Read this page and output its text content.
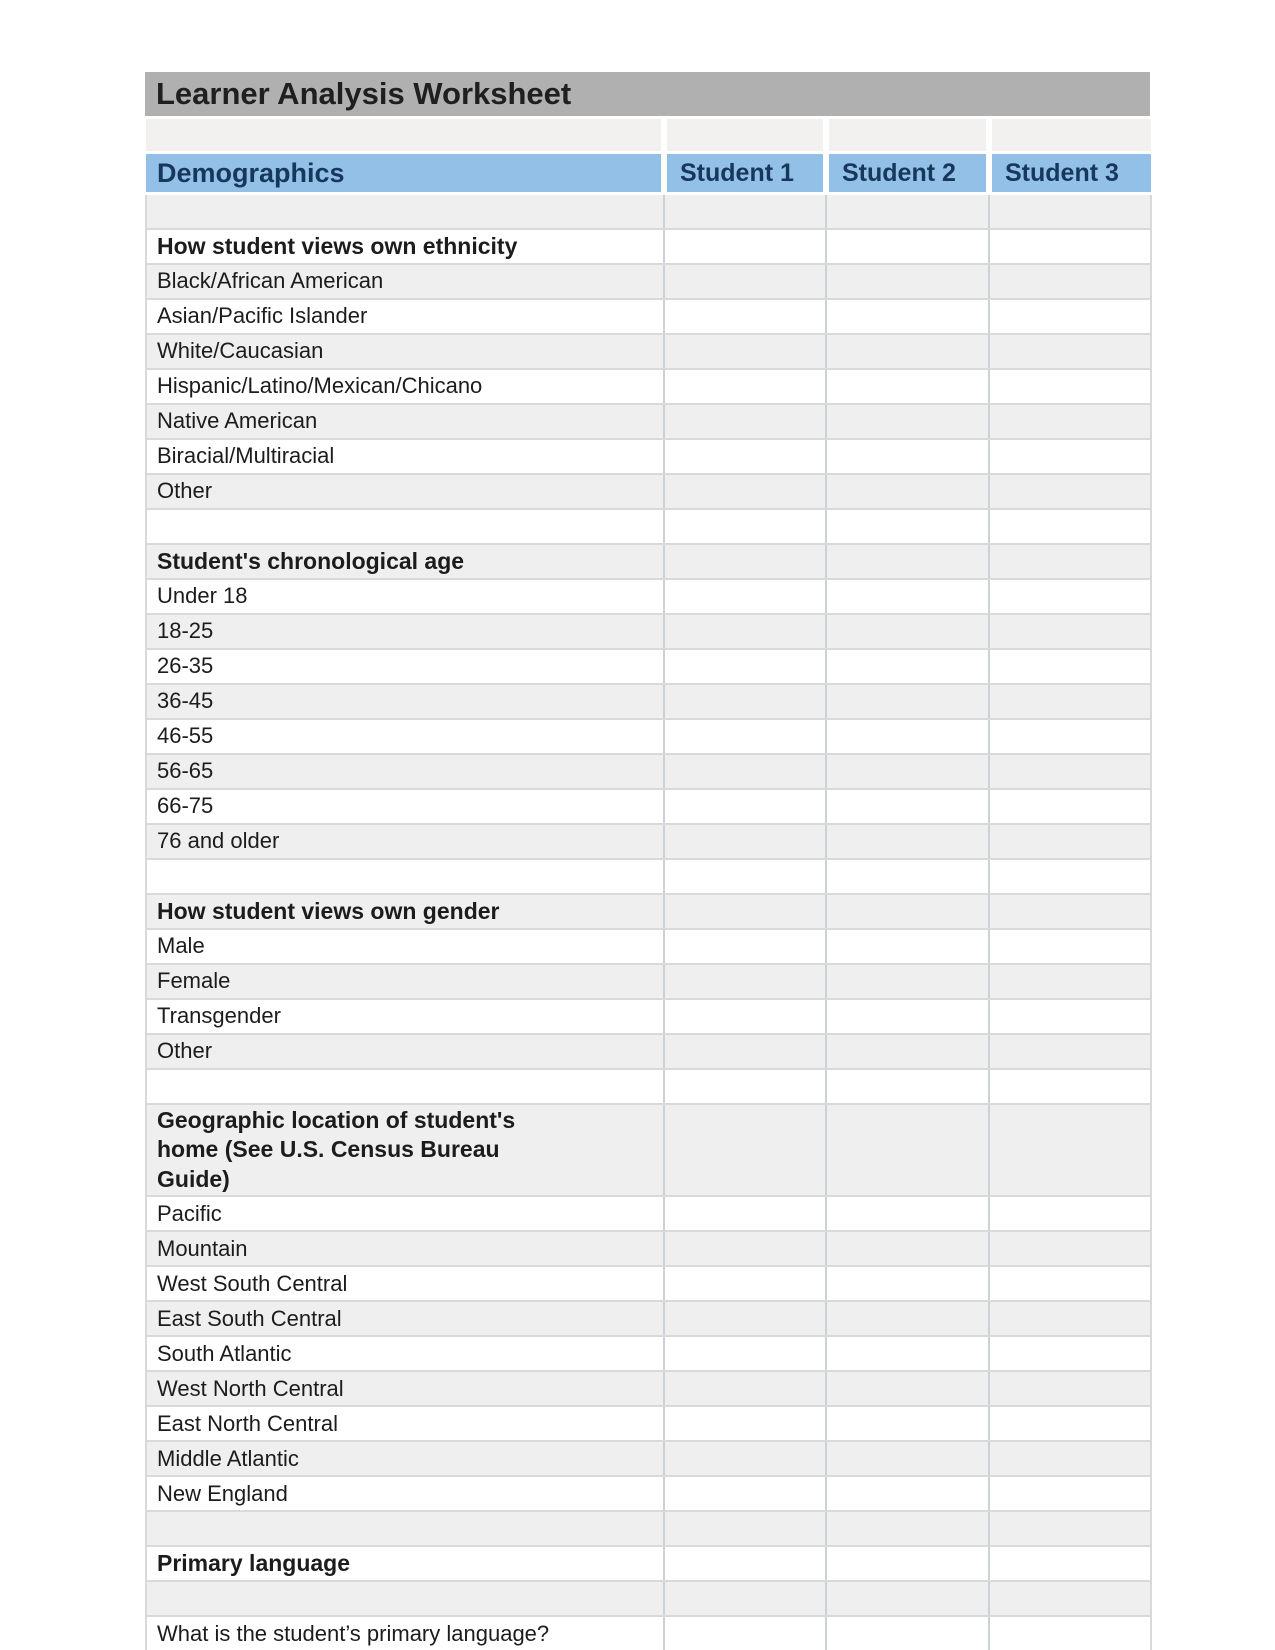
Learner Analysis Worksheet

Demographics	Student 1	Student 2	Student 3

How student views own ethnicity			
Black/African American			
Asian/Pacific Islander			
White/Caucasian			
Hispanic/Latino/Mexican/Chicano			
Native American			
Biracial/Multiracial			
Other			

Student's chronological age			
Under 18			
18-25			
26-35			
36-45			
46-55			
56-65			
66-75			
76 and older			

How student views own gender			
Male			
Female			
Transgender			
Other			

Geographic location of student's home (See U.S. Census Bureau Guide)			
Pacific			
Mountain			
West South Central			
East South Central			
South Atlantic			
West North Central			
East North Central			
Middle Atlantic			
New England			

Primary language			

What is the student’s primary language?			
